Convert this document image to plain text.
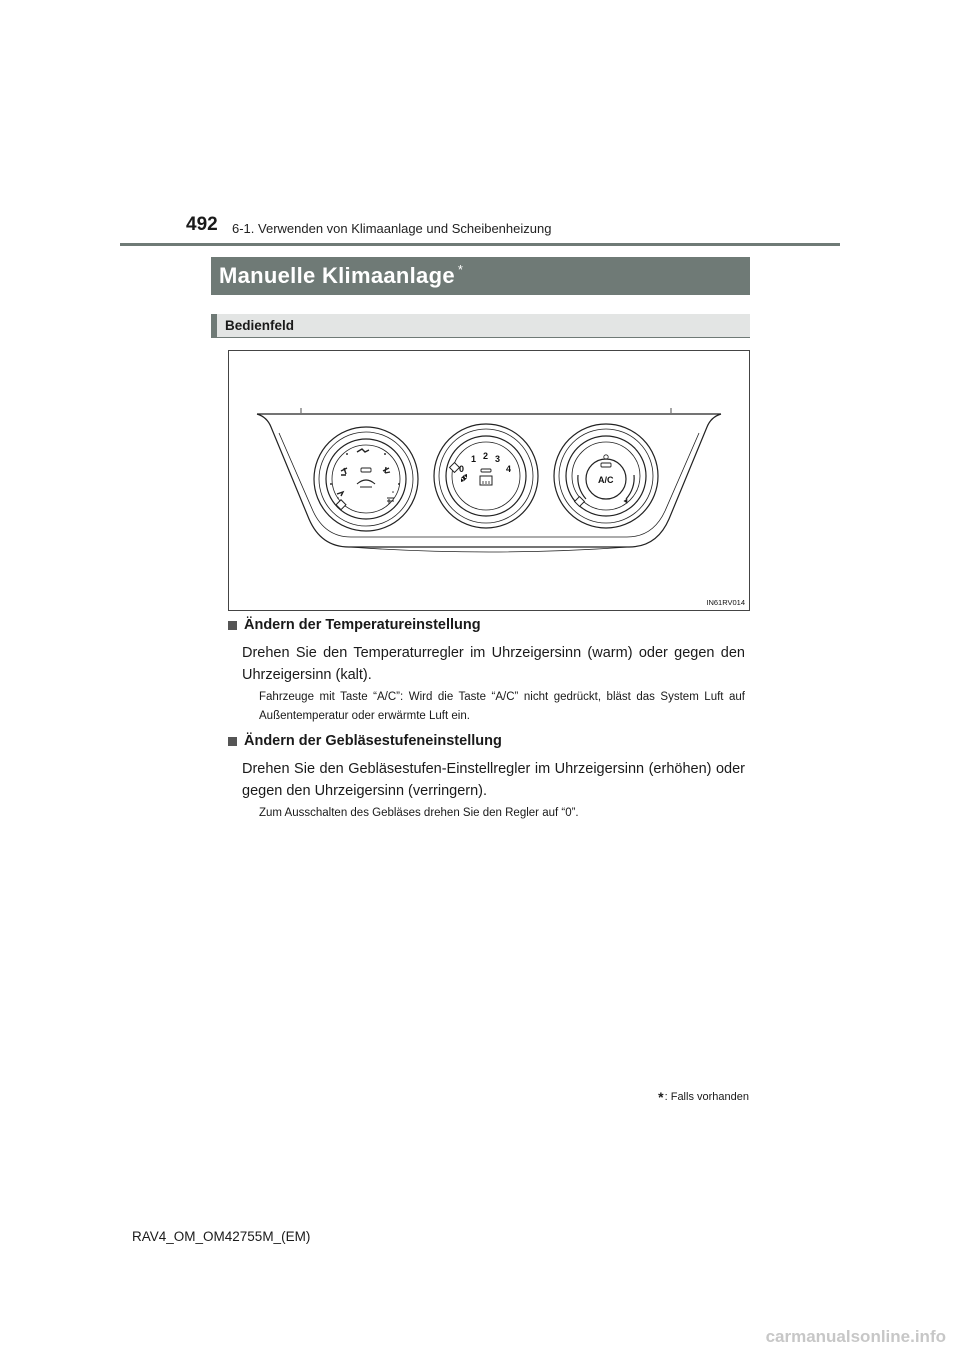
492 6-1. Verwenden von Klimaanlage und Scheibenheizung
Manuelle Klimaanlage *
Bedienfeld
0
1 2 3
4
A/C
IN61RV014
Ändern der Temperatureinstellung
Drehen Sie den Temperaturregler im Uhrzeigersinn (warm) oder gegen den Uhrzeigersinn (kalt).
Fahrzeuge mit Taste “A/C”: Wird die Taste “A/C” nicht gedrückt, bläst das System Luft auf Außentemperatur oder erwärmte Luft ein.
Ändern der Gebläsestufeneinstellung
Drehen Sie den Gebläsestufen-Einstellregler im Uhrzeigersinn (erhöhen) oder gegen den Uhrzeigersinn (verringern).
Zum Ausschalten des Gebläses drehen Sie den Regler auf “0”.
* : Falls vorhanden
RAV4_OM_OM42755M_(EM)
carmanualsonline.info
